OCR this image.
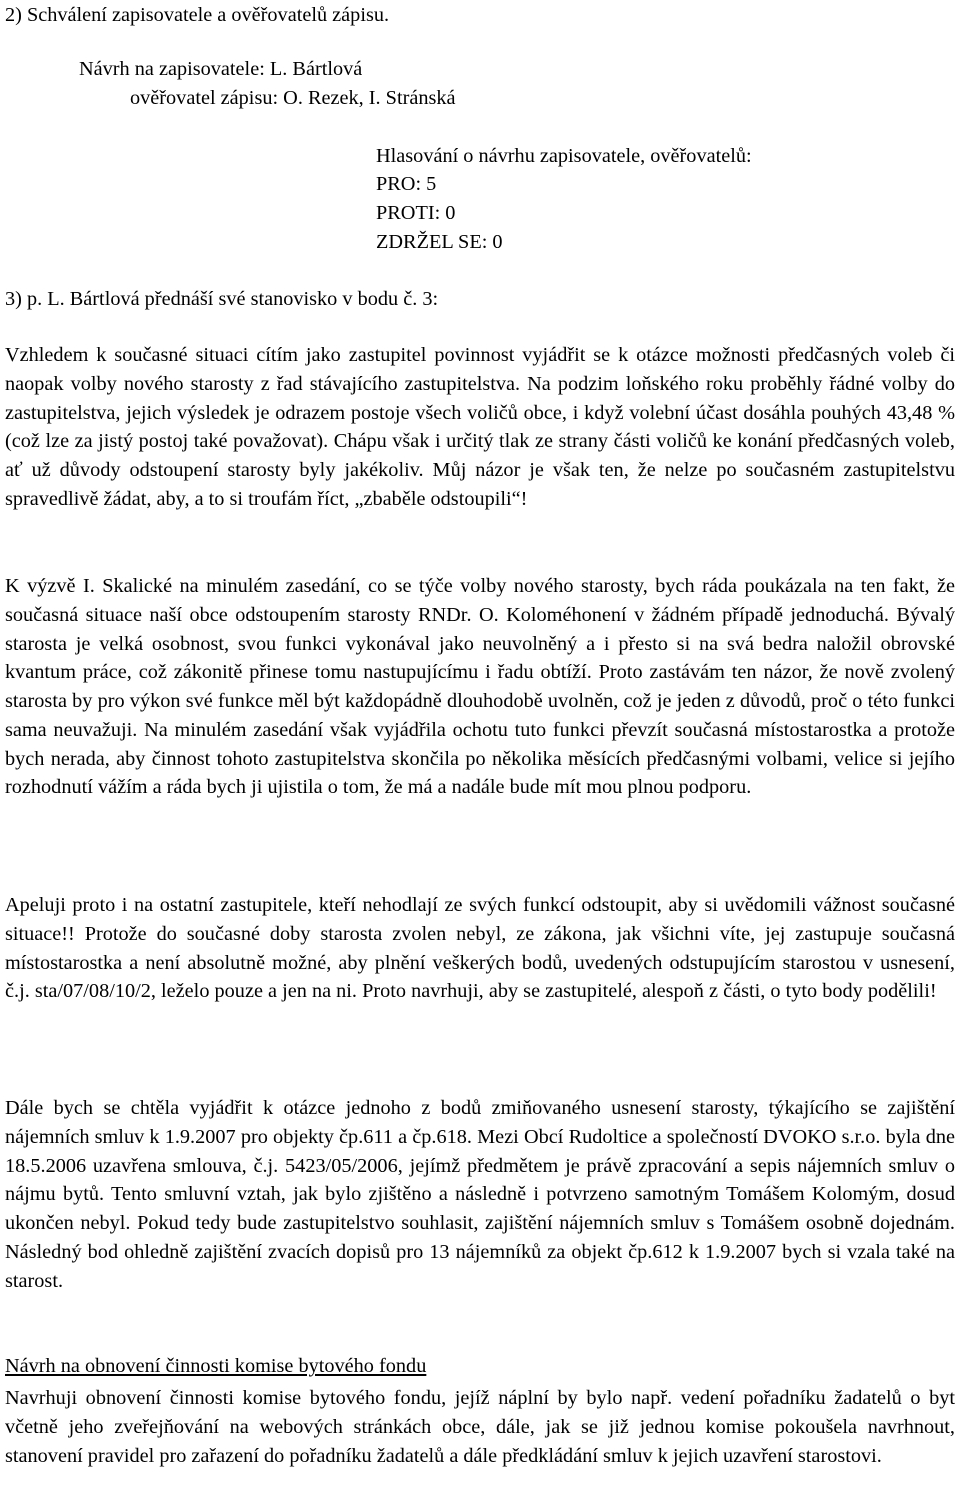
2) Schválení zapisovatele a ověřovatelů zápisu.
Návrh na zapisovatele: L. Bártlová
ověřovatel zápisu: O. Rezek, I. Stránská
Hlasování o návrhu zapisovatele, ověřovatelů:
PRO: 5
PROTI: 0
ZDRŽEL SE: 0
3) p. L. Bártlová přednáší své stanovisko v bodu č. 3:
Vzhledem k současné situaci cítím jako zastupitel povinnost vyjádřit se k otázce možnosti předčasných voleb či naopak volby nového starosty z řad stávajícího zastupitelstva. Na podzim loňského roku proběhly řádné volby do zastupitelstva, jejich výsledek je odrazem postoje všech voličů obce, i když volební účast dosáhla pouhých 43,48 % (což lze za jistý postoj také považovat). Chápu však i určitý tlak ze strany části voličů ke konání předčasných voleb, ať už důvody odstoupení starosty byly jakékoliv. Můj názor je však ten, že nelze po současném zastupitelstvu spravedlivě žádat, aby, a to si troufám říct, „zbaběle odstoupili“!
K výzvě I. Skalické na minulém zasedání, co se týče volby nového starosty, bych ráda poukázala na ten fakt, že současná situace naší obce odstoupením starosty RNDr. O. Koloméhonení v žádném případě jednoduchá. Bývalý starosta je velká osobnost, svou funkci vykonával jako neuvolněný a i přesto si na svá bedra naložil obrovské kvantum práce, což zákonitě přinese tomu nastupujícímu i řadu obtíží. Proto zastávám ten názor, že nově zvolený starosta by pro výkon své funkce měl být každopádně dlouhodobě uvolněn, což je jeden z důvodů, proč o této funkci sama neuvažuji. Na minulém zasedání však vyjádřila ochotu tuto funkci převzít současná místostarostka a protože bych nerada, aby činnost tohoto zastupitelstva skončila po několika měsících předčasnými volbami, velice si jejího rozhodnutí vážím a ráda bych ji ujistila o tom, že má a nadále bude mít mou plnou podporu.
Apeluji proto i na ostatní zastupitele, kteří nehodlají ze svých funkcí odstoupit, aby si uvědomili vážnost současné situace!! Protože do současné doby starosta zvolen nebyl, ze zákona, jak všichni víte, jej zastupuje současná místostarostka a není absolutně možné, aby plnění veškerých bodů, uvedených odstupujícím starostou v usnesení, č.j. sta/07/08/10/2, leželo pouze a jen na ni. Proto navrhuji, aby se zastupitelé, alespoň z části, o tyto body podělili!
Dále bych se chtěla vyjádřit k otázce jednoho z bodů zmiňovaného usnesení starosty, týkajícího se zajištění nájemních smluv k 1.9.2007 pro objekty čp.611 a čp.618. Mezi Obcí Rudoltice a společností DVOKO s.r.o. byla dne 18.5.2006 uzavřena smlouva, č.j. 5423/05/2006, jejímž předmětem je právě zpracování a sepis nájemních smluv o nájmu bytů. Tento smluvní vztah, jak bylo zjištěno a následně i potvrzeno samotným Tomášem Kolomým, dosud ukončen nebyl. Pokud tedy bude zastupitelstvo souhlasit, zajištění nájemních smluv s Tomášem osobně dojednám. Následný bod ohledně zajištění zvacích dopisů pro 13 nájemníků za objekt čp.612 k 1.9.2007 bych si vzala také na starost.
Návrh na obnovení činnosti komise bytového fondu
Navrhuji obnovení činnosti komise bytového fondu, jejíž náplní by bylo např. vedení pořadníku žadatelů o byt včetně jeho zveřejňování na webových stránkách obce, dále, jak se již jednou komise pokoušela navrhnout, stanovení pravidel pro zařazení do pořadníku žadatelů a dále předkládání smluv k jejich uzavření starostovi.
